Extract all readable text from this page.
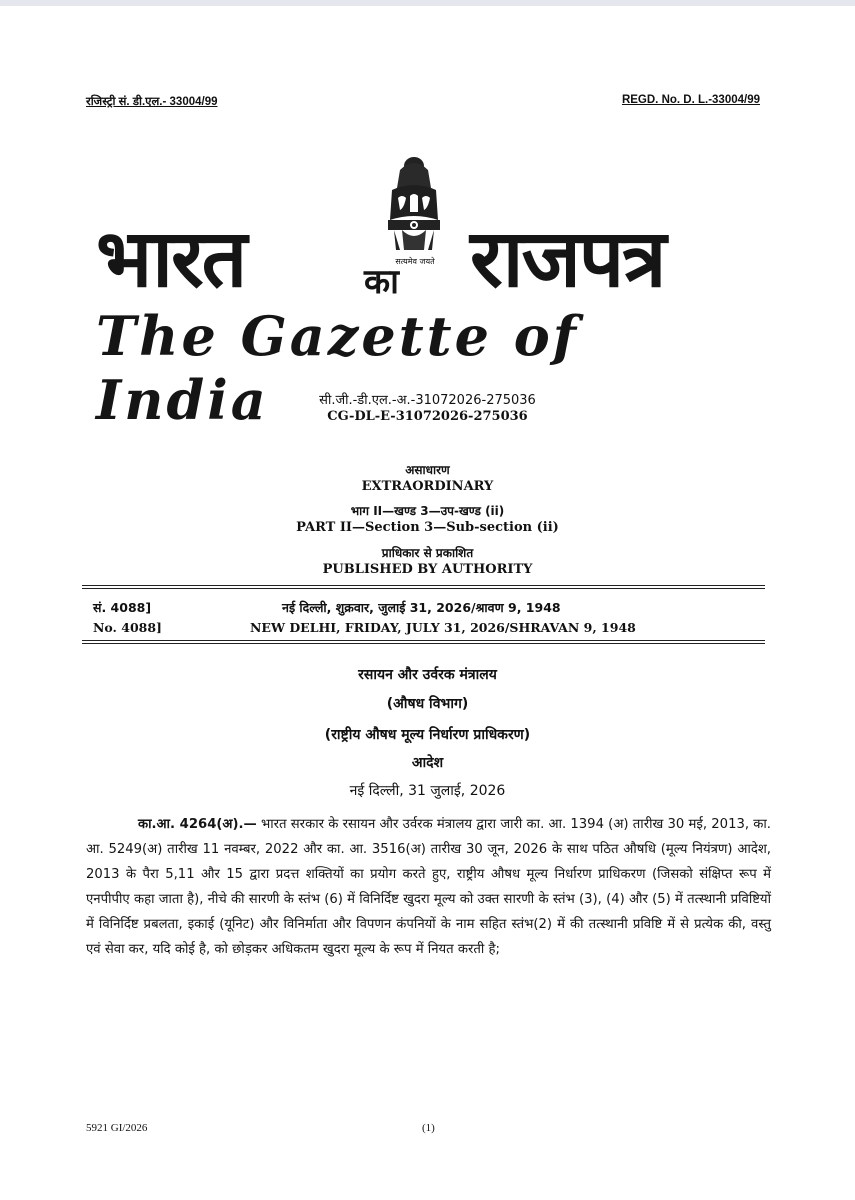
रजिस्ट्री सं. डी.एल.- 33004/99	REGD. No. D. L.-33004/99
सत्यमेव जयते
भारत	का राजपत्र
The Gazette of India	सी.जी.-डी.एल.-अ.-31072026-275036
CG-DL-E-31072026-275036
असाधारण
EXTRAORDINARY
भाग II—खण्ड 3—उप-खण्ड (ii)
PART II—Section 3—Sub-section (ii)
प्राधिकार से प्रकाशित
PUBLISHED BY AUTHORITY
सं. 4088]	नई दिल्ली, शुक्रवार, जुलाई 31, 2026/श्रावण 9, 1948
No. 4088]	NEW DELHI, FRIDAY, JULY 31, 2026/SHRAVAN 9, 1948
रसायन और उर्वरक मंत्रालय
(औषध विभाग)
(राष्ट्रीय औषध मूल्य निर्धारण प्राधिकरण)
आदेश
नई दिल्ली, 31 जुलाई, 2026
का.आ. 4264(अ).— भारत सरकार के रसायन और उर्वरक मंत्रालय द्वारा जारी का. आ. 1394 (अ) तारीख 30 मई, 2013, का. आ. 5249(अ) तारीख 11 नवम्बर, 2022 और का. आ. 3516(अ) तारीख 30 जून, 2026 के साथ पठित औषधि (मूल्य नियंत्रण) आदेश, 2013 के पैरा 5,11 और 15 द्वारा प्रदत्त शक्तियों का प्रयोग करते हुए, राष्ट्रीय औषध मूल्य निर्धारण प्राधिकरण (जिसको संक्षिप्त रूप में एनपीपीए कहा जाता है), नीचे की सारणी के स्तंभ (6) में विनिर्दिष्ट खुदरा मूल्य को उक्त सारणी के स्तंभ (3), (4) और (5) में तत्स्थानी प्रविष्टियों में विनिर्दिष्ट प्रबलता, इकाई (यूनिट) और विनिर्माता और विपणन कंपनियों के नाम सहित स्तंभ(2) में की तत्स्थानी प्रविष्टि में से प्रत्येक की, वस्तु एवं सेवा कर, यदि कोई है, को छोड़कर अधिकतम खुदरा मूल्य के रूप में नियत करती है;
5921 GI/2026	(1)
